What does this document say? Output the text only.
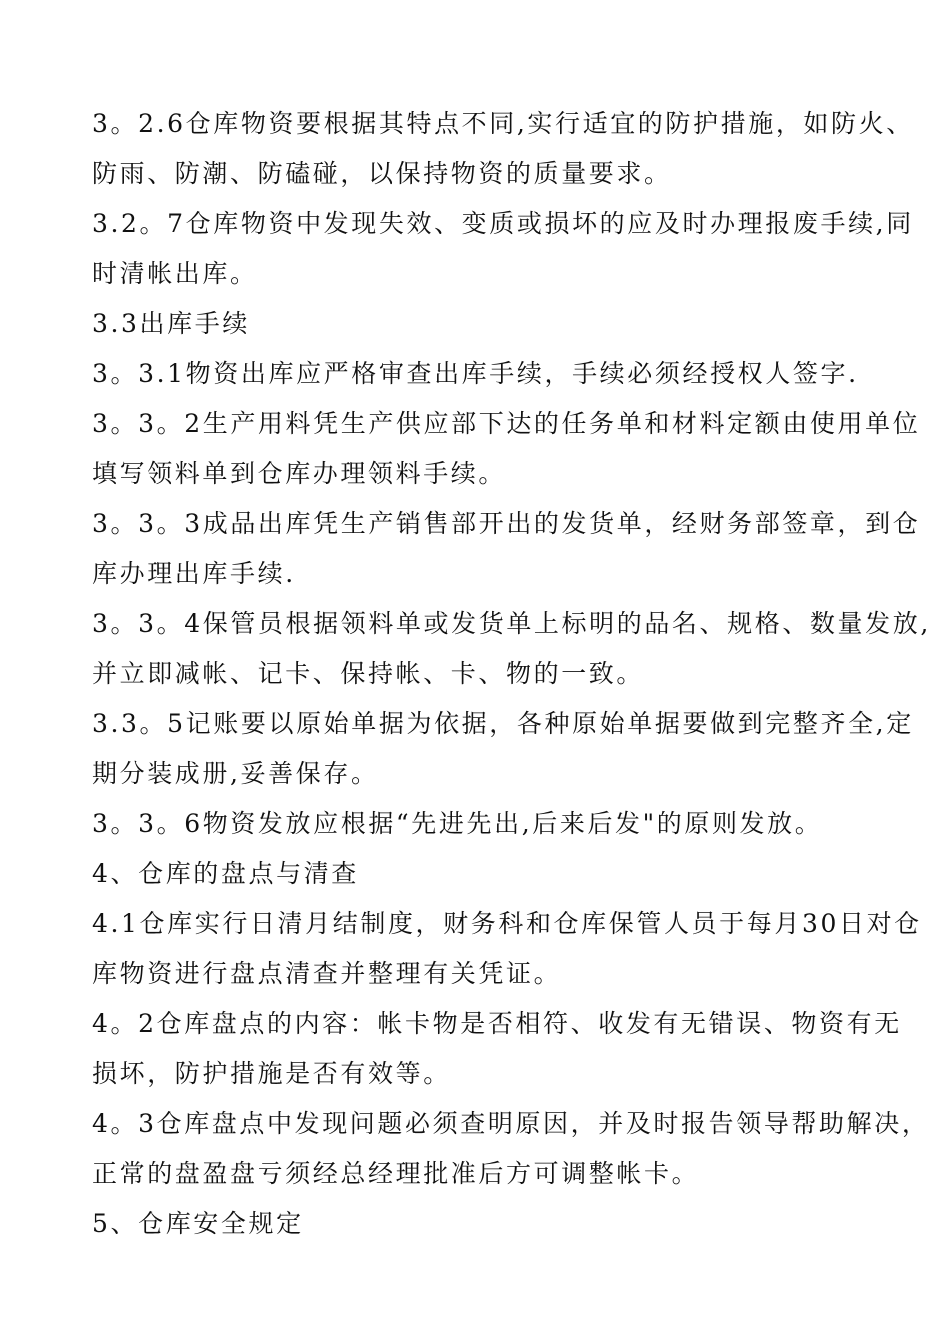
3。2.6仓库物资要根据其特点不同,实行适宜的防护措施，如防火、
防雨、防潮、防磕碰，以保持物资的质量要求。
3.2。7仓库物资中发现失效、变质或损坏的应及时办理报废手续,同
时清帐出库。
3.3出库手续
3。3.1物资出库应严格审查出库手续，手续必须经授权人签字.
3。3。2生产用料凭生产供应部下达的任务单和材料定额由使用单位
填写领料单到仓库办理领料手续。
3。3。3成品出库凭生产销售部开出的发货单，经财务部签章，到仓
库办理出库手续.
3。3。4保管员根据领料单或发货单上标明的品名、规格、数量发放,
并立即减帐、记卡、保持帐、卡、物的一致。
3.3。5记账要以原始单据为依据，各种原始单据要做到完整齐全,定
期分装成册,妥善保存。
3。3。6物资发放应根据“先进先出,后来后发"的原则发放。
4、仓库的盘点与清查
4.1仓库实行日清月结制度，财务科和仓库保管人员于每月30日对仓
库物资进行盘点清查并整理有关凭证。
4。2仓库盘点的内容：帐卡物是否相符、收发有无错误、物资有无
损坏，防护措施是否有效等。
4。3仓库盘点中发现问题必须查明原因，并及时报告领导帮助解决，
正常的盘盈盘亏须经总经理批准后方可调整帐卡。
5、仓库安全规定
